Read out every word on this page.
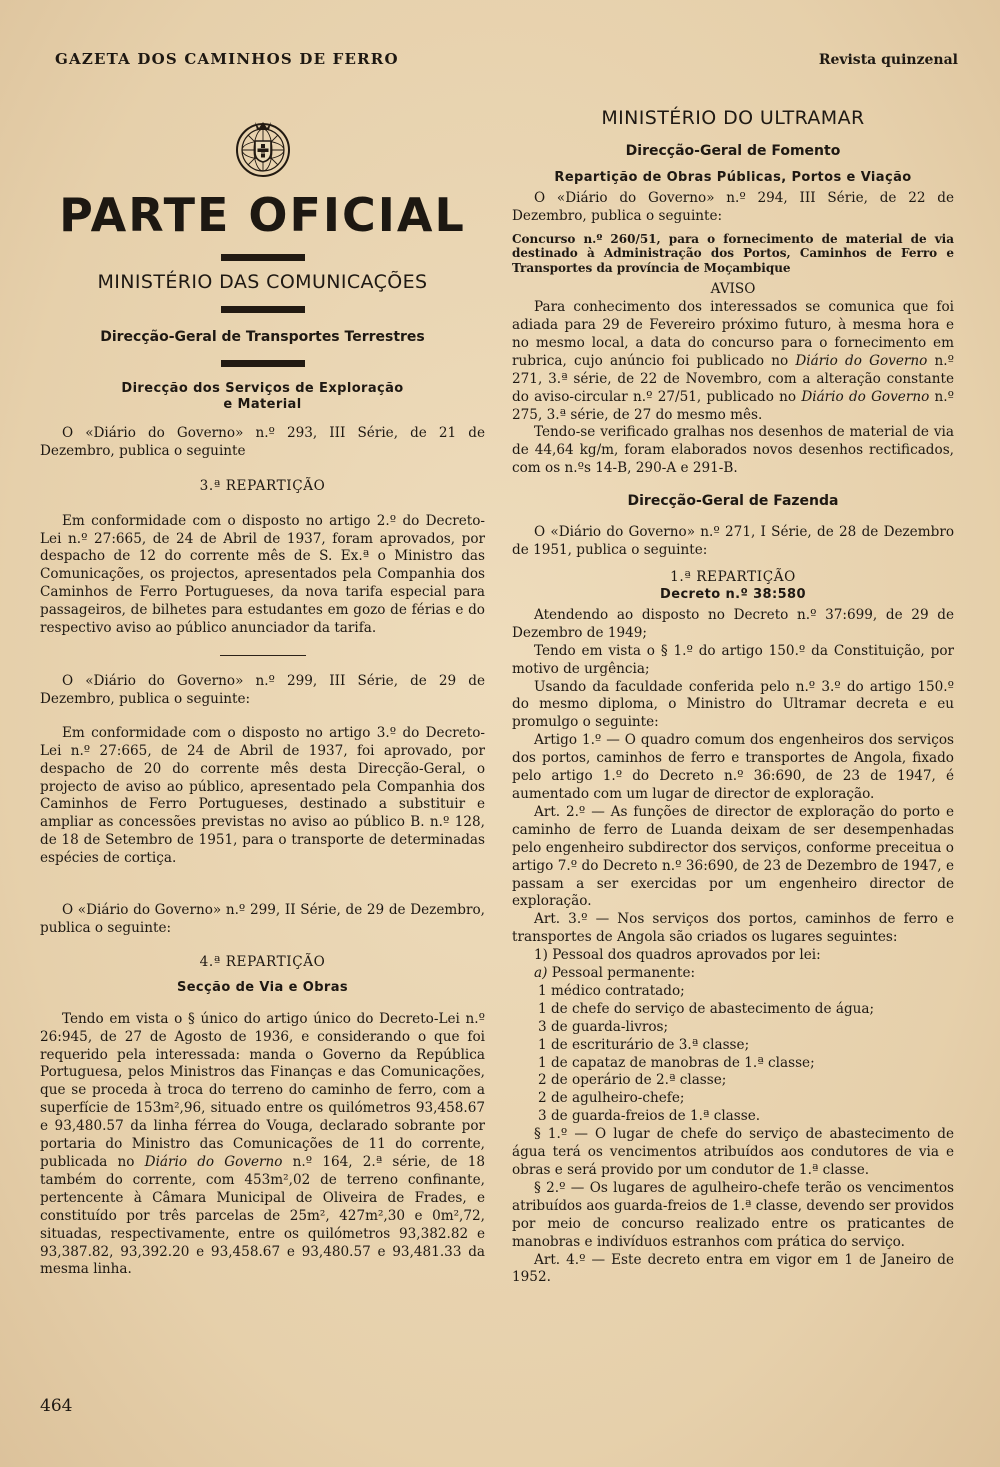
GAZETA DOS CAMINHOS DE FERRO	Revista quinzenal
PARTE OFICIAL
MINISTÉRIO DAS COMUNICAÇÕES
Direcção-Geral de Transportes Terrestres
Direcção dos Serviços de Exploração
e Material

O «Diário do Governo» n.º 293, III Série, de 21 de Dezembro, publica o seguinte

3.ª REPARTIÇÃO

Em conformidade com o disposto no artigo 2.º do Decreto-Lei n.º 27:665, de 24 de Abril de 1937, foram aprovados, por despacho de 12 do corrente mês de S. Ex.ª o Ministro das Comunicações, os projectos, apresentados pela Companhia dos Caminhos de Ferro Portugueses, da nova tarifa especial para passageiros, de bilhetes para estudantes em gozo de férias e do respectivo aviso ao público anunciador da tarifa.

O «Diário do Governo» n.º 299, III Série, de 29 de Dezembro, publica o seguinte:

Em conformidade com o disposto no artigo 3.º do Decreto-Lei n.º 27:665, de 24 de Abril de 1937, foi aprovado, por despacho de 20 do corrente mês desta Direcção-Geral, o projecto de aviso ao público, apresentado pela Companhia dos Caminhos de Ferro Portugueses, destinado a substituir e ampliar as concessões previstas no aviso ao público B. n.º 128, de 18 de Setembro de 1951, para o transporte de determinadas espécies de cortiça.

O «Diário do Governo» n.º 299, II Série, de 29 de Dezembro, publica o seguinte:

4.ª REPARTIÇÃO

Secção de Via e Obras

Tendo em vista o § único do artigo único do Decreto-Lei n.º 26:945, de 27 de Agosto de 1936, e considerando o que foi requerido pela interessada: manda o Governo da República Portuguesa, pelos Ministros das Finanças e das Comunicações, que se proceda à troca do terreno do caminho de ferro, com a superfície de 153m²,96, situado entre os quilómetros 93,458.67 e 93,480.57 da linha férrea do Vouga, declarado sobrante por portaria do Ministro das Comunicações de 11 do corrente, publicada no Diário do Governo n.º 164, 2.ª série, de 18 também do corrente, com 453m²,02 de terreno confinante, pertencente à Câmara Municipal de Oliveira de Frades, e constituído por três parcelas de 25m², 427m²,30 e 0m²,72, situadas, respectivamente, entre os quilómetros 93,382.82 e 93,387.82, 93,392.20 e 93,458.67 e 93,480.57 e 93,481.33 da mesma linha.

464
MINISTÉRIO DO ULTRAMAR
Direcção-Geral de Fomento
Repartição de Obras Públicas, Portos e Viação

O «Diário do Governo» n.º 294, III Série, de 22 de Dezembro, publica o seguinte:

Concurso n.º 260/51, para o fornecimento de material de via destinado à Administração dos Portos, Caminhos de Ferro e Transportes da província de Moçambique

AVISO

Para conhecimento dos interessados se comunica que foi adiada para 29 de Fevereiro próximo futuro, à mesma hora e no mesmo local, a data do concurso para o fornecimento em rubrica, cujo anúncio foi publicado no Diário do Governo n.º 271, 3.ª série, de 22 de Novembro, com a alteração constante do aviso-circular n.º 27/51, publicado no Diário do Governo n.º 275, 3.ª série, de 27 do mesmo mês.

Tendo-se verificado gralhas nos desenhos de material de via de 44,64 kg/m, foram elaborados novos desenhos rectificados, com os n.ºs 14-B, 290-A e 291-B.

Direcção-Geral de Fazenda

O «Diário do Governo» n.º 271, I Série, de 28 de Dezembro de 1951, publica o seguinte:

1.ª REPARTIÇÃO

Decreto n.º 38:580

Atendendo ao disposto no Decreto n.º 37:699, de 29 de Dezembro de 1949;

Tendo em vista o § 1.º do artigo 150.º da Constituição, por motivo de urgência;

Usando da faculdade conferida pelo n.º 3.º do artigo 150.º do mesmo diploma, o Ministro do Ultramar decreta e eu promulgo o seguinte:

Artigo 1.º — O quadro comum dos engenheiros dos serviços dos portos, caminhos de ferro e transportes de Angola, fixado pelo artigo 1.º do Decreto n.º 36:690, de 23 de 1947, é aumentado com um lugar de director de exploração.

Art. 2.º — As funções de director de exploração do porto e caminho de ferro de Luanda deixam de ser desempenhadas pelo engenheiro subdirector dos serviços, conforme preceitua o artigo 7.º do Decreto n.º 36:690, de 23 de Dezembro de 1947, e passam a ser exercidas por um engenheiro director de exploração.

Art. 3.º — Nos serviços dos portos, caminhos de ferro e transportes de Angola são criados os lugares seguintes:

1) Pessoal dos quadros aprovados por lei:

a) Pessoal permanente:

1 médico contratado;

1 de chefe do serviço de abastecimento de água;

3 de guarda-livros;

1 de escriturário de 3.ª classe;

1 de capataz de manobras de 1.ª classe;

2 de operário de 2.ª classe;

2 de agulheiro-chefe;

3 de guarda-freios de 1.ª classe.

§ 1.º — O lugar de chefe do serviço de abastecimento de água terá os vencimentos atribuídos aos condutores de via e obras e será provido por um condutor de 1.ª classe.

§ 2.º — Os lugares de agulheiro-chefe terão os vencimentos atribuídos aos guarda-freios de 1.ª classe, devendo ser providos por meio de concurso realizado entre os praticantes de manobras e indivíduos estranhos com prática do serviço.

Art. 4.º — Este decreto entra em vigor em 1 de Janeiro de 1952.
